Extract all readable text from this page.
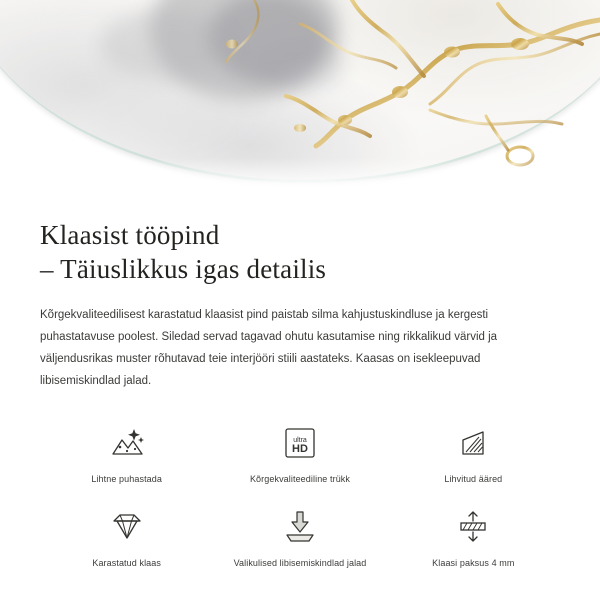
Klaasist tööpind
– Täiuslikkus igas detailis

Kõrgekvaliteedilisest karastatud klaasist pind paistab silma kahjustuskindluse ja kergesti puhastatavuse poolest. Siledad servad tagavad ohutu kasutamise ning rikkalikud värvid ja väljendusrikas muster rõhutavad teie interjööri stiili aastateks. Kaasas on isekleepuvad libisemiskindlad jalad.

Lihtne puhastada
ultra
HD
Kõrgekvaliteediline trükk	Lihvitud ääred
Karastatud klaas	Valikulised libisemiskindlad jalad	Klaasi paksus 4 mm
